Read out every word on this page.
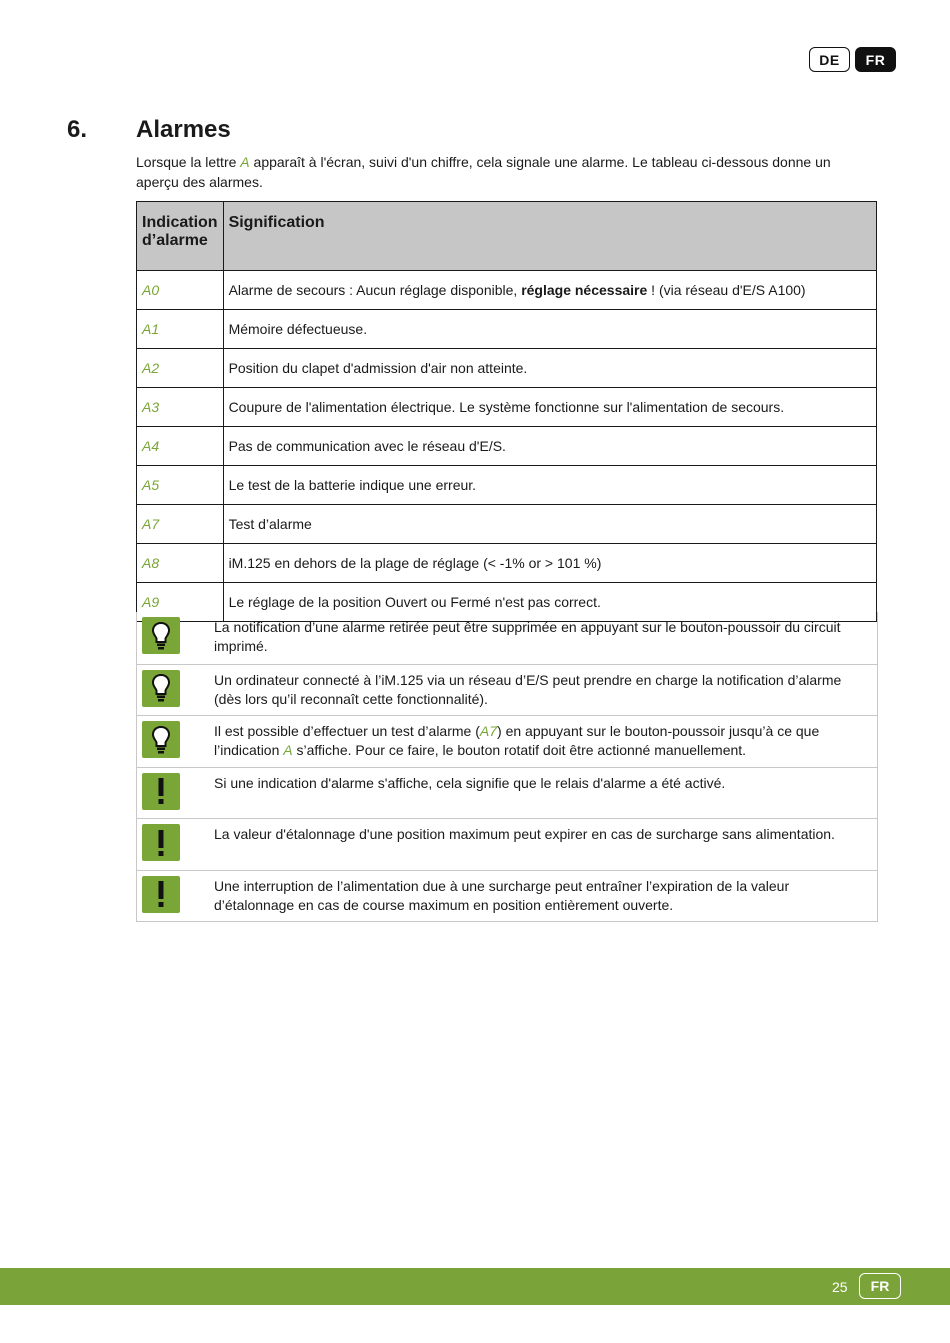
DE	FR
6. Alarmes

Lorsque la lettre A apparaît à l'écran, suivi d'un chiffre, cela signale une alarme. Le tableau ci-dessous donne un aperçu des alarmes.

Indication d’alarme	Signification
A0	Alarme de secours : Aucun réglage disponible, réglage nécessaire ! (via réseau d'E/S A100)
A1	Mémoire défectueuse.
A2	Position du clapet d'admission d'air non atteinte.
A3	Coupure de l'alimentation électrique. Le système fonctionne sur l'alimentation de secours.
A4	Pas de communication avec le réseau d'E/S.
A5	Le test de la batterie indique une erreur.
A7	Test d’alarme
A8	iM.125 en dehors de la plage de réglage (< -1% or > 101 %)
A9	Le réglage de la position Ouvert ou Fermé n'est pas correct.
La notification d’une alarme retirée peut être supprimée en appuyant sur le bouton-poussoir du circuit imprimé.
Un ordinateur connecté à l’iM.125 via un réseau d’E/S peut prendre en charge la notification d’alarme (dès lors qu’il reconnaît cette fonctionnalité).
Il est possible d’effectuer un test d’alarme (A7) en appuyant sur le bouton-poussoir jusqu’à ce que l’indication A s’affiche. Pour ce faire, le bouton rotatif doit être actionné manuellement.
Si une indication d'alarme s'affiche, cela signifie que le relais d'alarme a été activé.
La valeur d'étalonnage d'une position maximum peut expirer en cas de surcharge sans alimentation.
Une interruption de l’alimentation due à une surcharge peut entraîner l’expiration de la valeur d’étalonnage en cas de course maximum en position entièrement ouverte.
25	FR
